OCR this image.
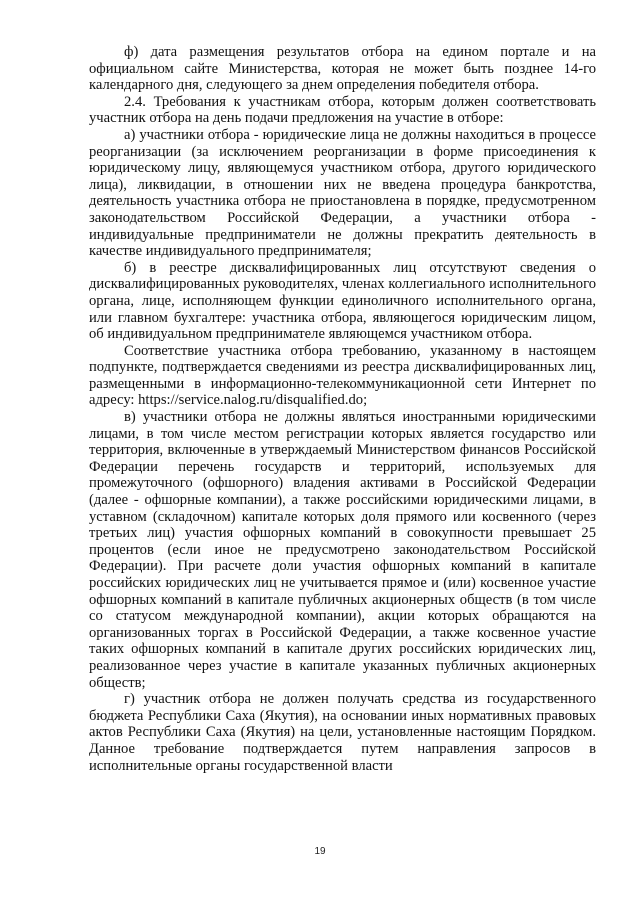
ф) дата размещения результатов отбора на едином портале и на официальном сайте Министерства, которая не может быть позднее 14-го календарного дня, следующего за днем определения победителя отбора.

2.4. Требования к участникам отбора, которым должен соответствовать участник отбора на день подачи предложения на участие в отборе:

а) участники отбора - юридические лица не должны находиться в процессе реорганизации (за исключением реорганизации в форме присоединения к юридическому лицу, являющемуся участником отбора, другого юридического лица), ликвидации, в отношении них не введена процедура банкротства, деятельность участника отбора не приостановлена в порядке, предусмотренном законодательством Российской Федерации, а участники отбора - индивидуальные предприниматели не должны прекратить деятельность в качестве индивидуального предпринимателя;

б) в реестре дисквалифицированных лиц отсутствуют сведения о дисквалифицированных руководителях, членах коллегиального исполнительного органа, лице, исполняющем функции единоличного исполнительного органа, или главном бухгалтере: участника отбора, являющегося юридическим лицом, об индивидуальном предпринимателе являющемся участником отбора.

Соответствие участника отбора требованию, указанному в настоящем подпункте, подтверждается сведениями из реестра дисквалифицированных лиц, размещенными в информационно-телекоммуникационной сети Интернет по адресу: https://service.nalog.ru/disqualified.do;

в) участники отбора не должны являться иностранными юридическими лицами, в том числе местом регистрации которых является государство или территория, включенные в утверждаемый Министерством финансов Российской Федерации перечень государств и территорий, используемых для промежуточного (офшорного) владения активами в Российской Федерации (далее - офшорные компании), а также российскими юридическими лицами, в уставном (складочном) капитале которых доля прямого или косвенного (через третьих лиц) участия офшорных компаний в совокупности превышает 25 процентов (если иное не предусмотрено законодательством Российской Федерации). При расчете доли участия офшорных компаний в капитале российских юридических лиц не учитывается прямое и (или) косвенное участие офшорных компаний в капитале публичных акционерных обществ (в том числе со статусом международной компании), акции которых обращаются на организованных торгах в Российской Федерации, а также косвенное участие таких офшорных компаний в капитале других российских юридических лиц, реализованное через участие в капитале указанных публичных акционерных обществ;

г) участник отбора не должен получать средства из государственного бюджета Республики Саха (Якутия), на основании иных нормативных правовых актов Республики Саха (Якутия) на цели, установленные настоящим Порядком. Данное требование подтверждается путем направления запросов в исполнительные органы государственной власти

19
